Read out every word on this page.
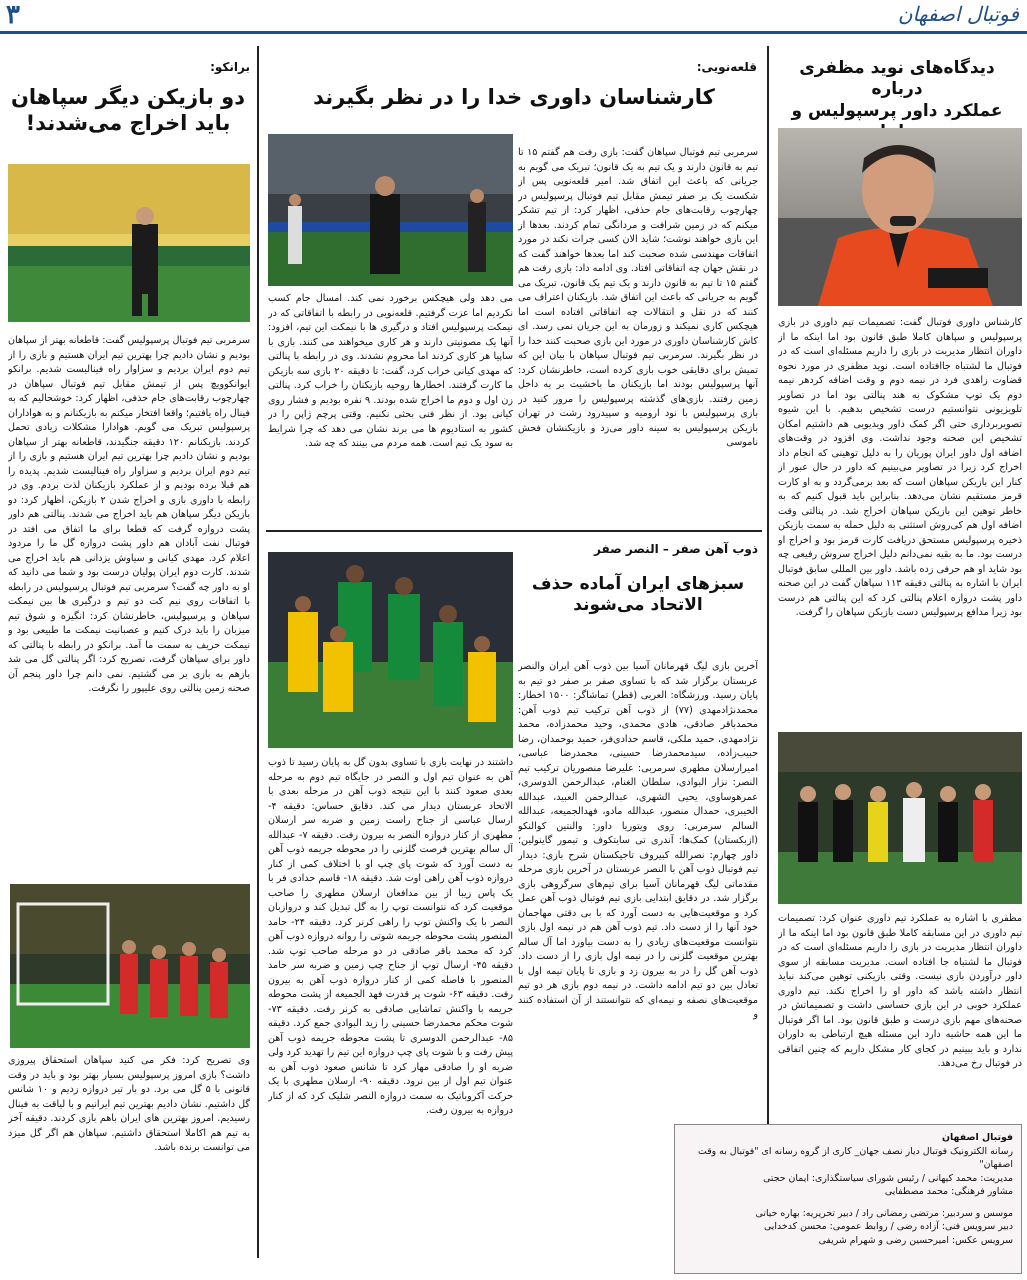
۳	فوتبال اصفهان
دیدگاه‌های نوید مظفری درباره
عملکرد داور پرسپولیس و
کارشناس داوری فوتبال گفت: تصمیمات تیم داوری در بازی پرسپولیس و سپاهان کاملا طبق قانون بود اما اینکه ما از داوران انتظار مدیریت در بازی را داریم مسئله‌ای است که در فوتبال ما لشتباه جاافتاده است. نوید مظفری در مورد نحوه قضاوت زاهدی فرد در نیمه دوم و وقت اضافه کردهر نیمه دوم یک توپ مشکوک به هند پنالتی بود اما در تصاویر تلویزیونی نتوانستیم درست تشخیص بدهیم. با این شیوه تصویربرداری حتی اگر کمک داور ویدیویی هم داشتیم امکان تشخیص این صحنه وجود نداشت. وی افزود در وقت‌های اضافه اول داور ایران پوریان را به دلیل توهینی که انجام داد اخراج کرد زیرا در تصاویر می‌بینیم که داور در حال عبور از کنار این بازیکن سپاهان است که بعد برمی‌گردد و به او کارت قرمز مستقیم نشان می‌دهد. بنابراین باید قبول کنیم که به خاطر توهین این بازیکن سپاهان اخراج شد. در پنالتی وقت اضافه اول هم کی‌روش استثنی به دلیل حمله به سمت بازیکن ذخیره پرسپولیس مستحق دریافت کارت قرمز بود و اخراج او درست بود. ما به بقیه نمی‌دانم دلیل اخراج سروش رفیعی چه بود شاید او هم حرفی زده باشد. داور بین المللی سابق فوتبال ایران با اشاره به پنالتی دقیقه ۱۱۳ سپاهان گفت در این صحنه داور پشت دروازه اعلام پنالتی کرد که این پنالتی هم درست بود زیرا مدافع پرسپولیس دست بازیکن سپاهان را گرفت.
مظفری با اشاره به عملکرد تیم داوری عنوان کرد: تصمیمات تیم داوری در این مسابقه کاملا طبق قانون بود اما اینکه ما از داوران انتظار مدیریت در بازی را داریم مسئله‌ای است که در فوتبال ما لشتباه جا افتاده است. مدیریت مسابقه از سوی داور درآوردن بازی نیست. وقتی بازیکنی توهین می‌کند نباید انتظار داشته باشد که داور او را اخراج نکند. تیم داوری عملکرد خوبی در این بازی حساسی داشت و تصمیماتش در صحنه‌های مهم بازی درست و طبق قانون بود. اما اگر فوتبال ما این همه حاشیه دارد این مسئله هیچ ارتباطی به داوران ندارد و باید ببینیم در کجای کار مشکل داریم که چنین اتفاقی در فوتبال رخ می‌دهد.
قلعه‌نویی:
کارشناسان داوری خدا را در نظر بگیرند
سرمربی تیم فوتبال سپاهان گفت: بازی رفت هم گفتم ۱۵ تا تیم به قانون دارند و یک تیم به یک قانون؛ تبریک می گویم به جریانی که باعث این اتفاق شد. امیر قلعه‌نویی پس از شکست یک بر صفر تیمش مقابل تیم فوتبال پرسپولیس در چهارچوب رقابت‌های جام حذفی، اظهار کرد: از تیم تشکر میکنم که در زمین شرافت و مردانگی تمام کردند. بعدها از این بازی خواهند نوشت؛ شاید الان کسی جرات نکند در مورد اتفاقات مهندسی شده صحبت کند اما بعدها خواهند گفت که در نقش جهان چه اتفاقاتی افتاد. وی ادامه داد: بازی رفت هم گفتم ۱۵ تا تیم به قانون دارند و یک تیم یک قانون، تبریک می گویم به جریانی که باعث این اتفاق شد. بازیکنان اعتراف می کنند که در نقل و انتقالات چه اتفاقاتی افتاده است اما هیچکس کاری نمیکند و زورمان به این جریان نمی رسد. ای کاش کارشناسان داوری در مورد این بازی صحبت کنند خدا را در نظر بگیرند. سرمربی تیم فوتبال سپاهان با بیان این که تمیش برای دقایقی خوب بازی کرده است، خاطرنشان کرد: آنها پرسپولیس بودند اما بازیکنان ما باخشیت بر به داخل زمین رفتند. بازی‌های گذشته پرسپولیس را مرور کنید در بازی پرسپولیس با نود ارومیه و سپیدرود رشت در تهران بازیکن پرسپولیس به سینه داور می‌زد و بازیکنشان فحش ناموسی
می دهد ولی هیچکس برخورد نمی کند. امسال جام کسب نکردیم اما عزت گرفتیم. قلعه‌نویی در رابطه با اتفاقاتی که در نیمکت پرسپولیس افتاد و درگیری ها با نیمکت این تیم، افزود: آنها یک مصونیتی دارند و هر کاری میخواهند می کنند. بازی با ساپیا هر کاری کردند اما محروم نشدند. وی در رابطه با پنالتی که مهدی کیانی خراب کرد، گفت: تا دقیقه ۲۰ بازی سه بازیکن ما کارت گرفتند. اخطارها روحیه بازیکنان را خراب کرد. پنالتی زن اول و دوم ما اخراج شده بودند. ۹ نفره بودیم و فشار روی کیانی بود. از نظر فنی بحثی نکنیم. وقتی پرچم ژاپن را در کشور به استادیوم ها می برند نشان می دهد که چرا شرایط به سود یک تیم است. همه مردم می بینند که چه شد.
ذوب آهن صفر – النصر صفر
سبزهای ایران آماده حذف
الاتحاد می‌شوند
آخرین بازی لیگ قهرمانان آسیا بین ذوب آهن ایران والنصر عربستان برگزار شد که با تساوی صفر بر صفر دو تیم به پایان رسید. ورزشگاه: العربی (قطر) تماشاگر: ۱۵۰۰ اخطار: محمدنژادمهدی (۷۷) از ذوب آهن ترکیب تیم ذوب آهن: محمدباقر صادقی، هادی محمدی، وحید محمدزاده، محمد نژادمهدی، حمید ملکی، قاسم حدادی‌فر، حمید بوحمدان، رضا حبیب‌زاده، سیدمحمدرضا حسینی، محمدرضا عباسی، امیرارسلان مطهری سرمربی: علیرضا منصوریان ترکیب تیم النصر: نزار البوادی، سلطان الغنام، عبدالرحمن الدوسری، عمرهوساوی، یحیی الشهری، عبدالرحمن العبید، عبدالله الخیبری، حمدال منصور، عبدالله مادو، فهدالجمیعه، عبدالله السالم سرمربی: روی ویتوریا داور: والنتین کوالنکو (ازبکستان) کمک‌ها: آندری تی سایتکوف و تیمور گاینولین؛ داور چهارم: نصرالله کبیروف تاجیکستان شرح بازی: دیدار تیم فوتبال ذوب آهن با النصر عربستان در آخرین بازی مرحله مقدماتی لیگ قهرمانان آسیا برای تیم‌های سرگروهی بازی برگزار شد. در دقایق ابتدایی بازی تیم فوتبال ذوب آهن عمل کرد و موقعیت‌هایی به دست آورد که با بی دقتی مهاجمان خود آنها را از دست داد. تیم ذوب آهن هم در نیمه اول بازی نتوانست موقعیت‌های زیادی را به دست بیاورد اما آل سالم بهترین موقعیت گلزنی را در نیمه اول بازی را از دست داد. ذوب آهن گل را در به بیرون زد و بازی تا پایان نیمه اول با تعادل بین دو تیم ادامه داشت. در نیمه دوم بازی هر دو تیم موقعیت‌های نصفه و نیمه‌ای که نتوانستند از آن استفاده کنند و
داشتند در نهایت بازی با تساوی بدون گل به پایان رسید تا ذوب آهن به عنوان تیم اول و النصر در جایگاه تیم دوم به مرحله بعدی صعود کنند با این نتیجه ذوب آهن در مرحله بعدی با الاتحاد عربستان دیدار می کند. دقایق حساس: دقیقه ۴- ارسال عباسی از جناح راست زمین و ضربه سر ارسلان مطهری از کنار دروازه النصر به بیرون رفت. دقیقه ۷- عبدالله آل سالم بهترین فرصت گلزنی را در محوطه جریمه ذوب آهن به دست آورد که شوت پای چپ او با اختلاف کمی از کنار دروازه ذوب آهن راهی اوت شد. دقیقه ۱۸- قاسم حدادی فر با یک پاس زیبا از بین مدافعان ارسلان مطهری را صاحب موقعیت کرد که نتوانست توپ را به گل تبدیل کند و دروازبان النصر با یک واکنش توپ را راهی کرنر کرد. دقیقه ۲۴- حامد المنصور پشت محوطه جریمه شوتی را روانه دروازه ذوب آهن کرد که محمد باقر صادقی در دو مرحله صاحب توپ شد. دقیقه ۴۵- ارسال توپ از جناح چپ زمین و ضربه سر حامد المنصور با فاصله کمی از کنار دروازه ذوب آهن به بیرون رفت. دقیقه ۶۳- شوت پر قدرت فهد الجمیعه از پشت محوطه جریمه با واکنش تماشایی صادقی به کرنر رفت. دقیقه ۷۳- شوت محکم محمدرضا حسینی را زید البوادی جمع کرد. دقیقه ۸۵- عبدالرحمن الدوسری تا پشت محوطه جریمه ذوب آهن پیش رفت و با شوت پای چپ دروازه این تیم را تهدید کرد ولی ضربه او را صادقی مهار کرد تا شانس صعود ذوب آهن به عنوان تیم اول از بین نرود. دقیقه ۹۰- ارسلان مطهری با یک حرکت آکروباتیک به سمت دروازه النصر شلیک کرد که از کنار دروازه به بیرون رفت.
برانکو:
دو بازیکن دیگر سپاهان
باید اخراج می‌شدند!
سرمربی تیم فوتبال پرسپولیس گفت: قاطعانه بهتر از سپاهان بودیم و نشان دادیم چرا بهترین تیم ایران هستیم و بازی را از تیم دوم ایران بردیم و سزاوار راه فینالیست شدیم. برانکو ایوانکوویچ پس از تیمش مقابل تیم فوتبال سپاهان در چهارچوب رقابت‌های جام حذفی، اظهار کرد: خوشحالیم که به فینال راه یافتیم؛ واقعا افتخار میکنم به بازیکنانم و به هواداران پرسپولیس تبریک می گویم. هوادارا مشکلات زیادی تحمل کردند. بازیکنانم ۱۲۰ دقیقه جنگیدند، قاطعانه بهتر از سپاهان بودیم و نشان دادیم چرا بهترین تیم ایران هستیم و بازی را از تیم دوم ایران بردیم و سزاوار راه فینالیست شدیم. پدیده را هم قبلا برده بودیم و از عملکرد بازیکنان لذت بردم. وی در رابطه با داوری بازی و اخراج شدن ۲ بازیکن، اظهار کرد: دو بازیکن دیگر سپاهان هم باید اخراج می شدند. پنالتی هم داور پشت دروازه گرفت که قطعا برای ما اتفاق می افتد در فوتبال نفت آبادان هم داور پشت دروازه گل ما را مردود اعلام کرد. مهدی کیانی و سیاوش یزدانی هم باید اخراج می شدند. کارت دوم ایران پولیان درست بود و شما می دانید که او به داور چه گفت؟ سرمربی تیم فوتبال پرسپولیس در رابطه با اتفاقات روی نیم کت دو تیم و درگیری ها بین نیمکت سپاهان و پرسپولیس، خاطرنشان کرد: انگیزه و شوق تیم میزبان را باید درک کنیم و عصبانیت نیمکت ما طبیعی بود و نیمکت حریف به سمت ما آمد. برانکو در رابطه با پنالتی که داور برای سپاهان گرفت، تصریح کرد: اگر پنالتی گل می شد بازهم به بازی بر می گشتیم. نمی دانم چرا داور پنجم آن صحنه زمین پنالتی روی علیپور را نگرفت.
وی تصریح کرد: فکر می کنید سپاهان استحقاق پیروزی داشت؟ بازی امروز پرسپولیس بسیار بهتر بود و باید در وقت قانونی با ۵ گل می برد. دو بار تیر دروازه زدیم و ۱۰ شانس گل داشتیم. نشان دادیم بهترین تیم ایرانیم و با لیاقت به فینال رسیدیم. امروز بهترین های ایران باهم بازی کردند. دقیقه آخر به تیم هم اکاملا استحقاق داشتیم. سپاهان هم اگر گل میزد می توانست برنده باشد.
فوتبال اصفهان
رسانه الکترونیک فوتبال دیار نصف جهان_ کاری از گروه رسانه ای "فوتبال به وقت اصفهان"
مدیریت: محمد کیهانی / رئیس شورای سیاستگذاری: ایمان حجتی
مشاور فرهنگی: محمد مصطفایی
موسس و سردبیر: مرتضی رمضانی راد / دبیر تحریریه: بهاره حیاتی
دبیر سرویس فنی: آزاده رضی / روابط عمومی: محسن کدخدایی
سرویس عکس: امیرحسین رضی و شهرام شریفی
